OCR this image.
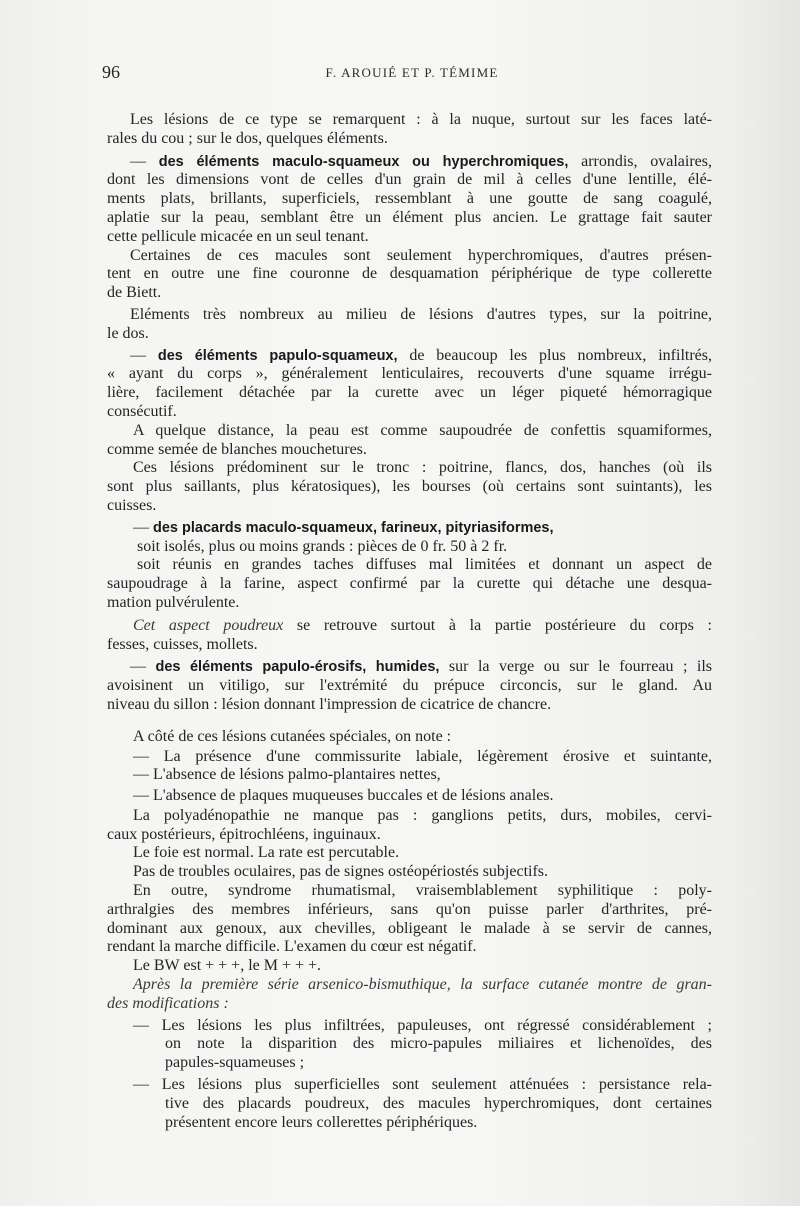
96	F. AROUIÉ ET P. TÉMIME
Les lésions de ce type se remarquent : à la nuque, surtout sur les faces laté-
rales du cou ; sur le dos, quelques éléments.
— des éléments maculo-squameux ou hyperchromiques, arrondis, ovalaires,
dont les dimensions vont de celles d'un grain de mil à celles d'une lentille, élé-
ments plats, brillants, superficiels, ressemblant à une goutte de sang coagulé,
aplatie sur la peau, semblant être un élément plus ancien. Le grattage fait sauter
cette pellicule micacée en un seul tenant.
Certaines de ces macules sont seulement hyperchromiques, d'autres présen-
tent en outre une fine couronne de desquamation périphérique de type collerette
de Biett.
Eléments très nombreux au milieu de lésions d'autres types, sur la poitrine,
le dos.
— des éléments papulo-squameux, de beaucoup les plus nombreux, infiltrés,
« ayant du corps », généralement lenticulaires, recouverts d'une squame irrégu-
lière, facilement détachée par la curette avec un léger piqueté hémorragique
consécutif.
A quelque distance, la peau est comme saupoudrée de confettis squamiformes,
comme semée de blanches mouchetures.
Ces lésions prédominent sur le tronc : poitrine, flancs, dos, hanches (où ils
sont plus saillants, plus kératosiques), les bourses (où certains sont suintants), les
cuisses.
— des placards maculo-squameux, farineux, pityriasiformes,
soit isolés, plus ou moins grands : pièces de 0 fr. 50 à 2 fr.
soit réunis en grandes taches diffuses mal limitées et donnant un aspect de
saupoudrage à la farine, aspect confirmé par la curette qui détache une desqua-
mation pulvérulente.
Cet aspect poudreux se retrouve surtout à la partie postérieure du corps :
fesses, cuisses, mollets.
— des éléments papulo-érosifs, humides, sur la verge ou sur le fourreau ; ils
avoisinent un vitiligo, sur l'extrémité du prépuce circoncis, sur le gland. Au
niveau du sillon : lésion donnant l'impression de cicatrice de chancre.
A côté de ces lésions cutanées spéciales, on note :
— La présence d'une commissurite labiale, légèrement érosive et suintante,
— L'absence de lésions palmo-plantaires nettes,
— L'absence de plaques muqueuses buccales et de lésions anales.
La polyadénopathie ne manque pas : ganglions petits, durs, mobiles, cervi-
caux postérieurs, épitrochléens, inguinaux.
Le foie est normal. La rate est percutable.
Pas de troubles oculaires, pas de signes ostéopériostés subjectifs.
En outre, syndrome rhumatismal, vraisemblablement syphilitique : poly-
arthralgies des membres inférieurs, sans qu'on puisse parler d'arthrites, pré-
dominant aux genoux, aux chevilles, obligeant le malade à se servir de cannes,
rendant la marche difficile. L'examen du cœur est négatif.
Le BW est + + +, le M + + +.
Après la première série arsenico-bismuthique, la surface cutanée montre de gran-
des modifications :
— Les lésions les plus infiltrées, papuleuses, ont régressé considérablement ;
on note la disparition des micro-papules miliaires et lichenoïdes, des
papules-squameuses ;
— Les lésions plus superficielles sont seulement atténuées : persistance rela-
tive des placards poudreux, des macules hyperchromiques, dont certaines
présentent encore leurs collerettes périphériques.
